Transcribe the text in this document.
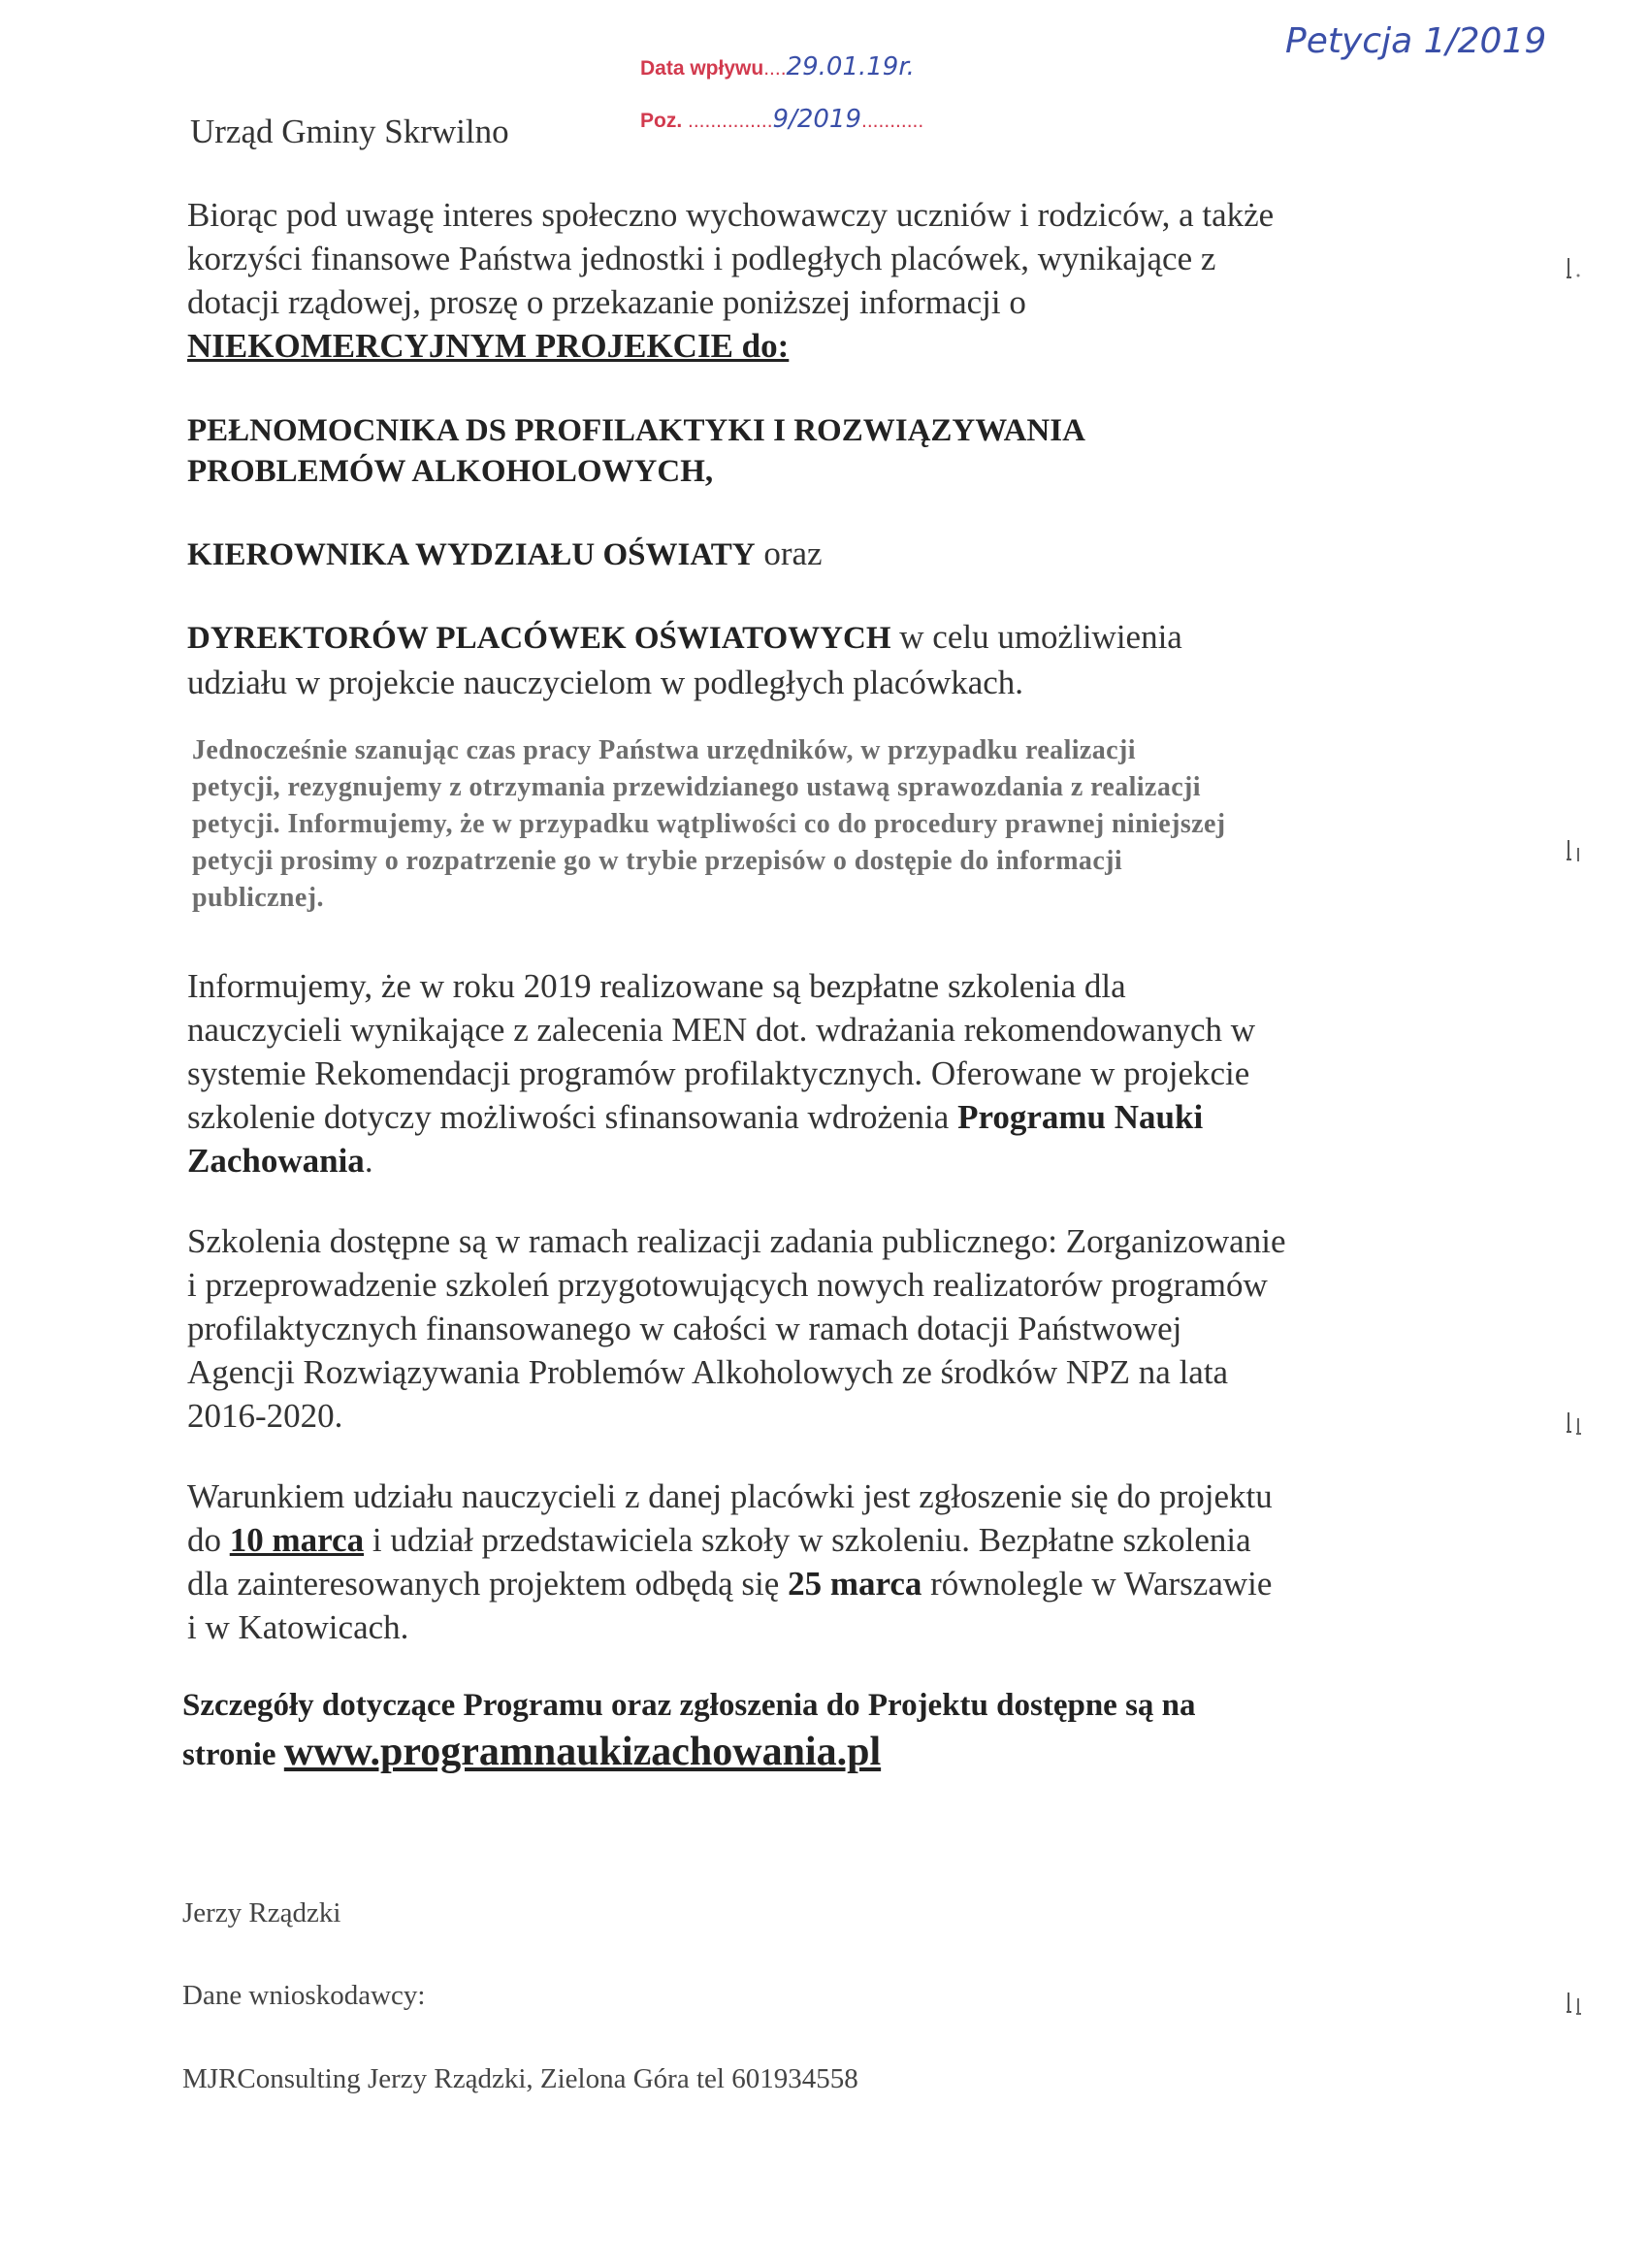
Data wpływu....29.01.19r.
Poz. ...............9/2019...........
Petycja 1/2019
Urząd Gminy Skrwilno
Biorąc pod uwagę interes społeczno wychowawczy uczniów i rodziców, a także
korzyści finansowe Państwa jednostki i podległych placówek, wynikające z
dotacji rządowej, proszę o przekazanie poniższej informacji o
NIEKOMERCYJNYM PROJEKCIE do:
PEŁNOMOCNIKA DS PROFILAKTYKI I ROZWIĄZYWANIA
PROBLEMÓW ALKOHOLOWYCH,
KIEROWNIKA WYDZIAŁU OŚWIATY oraz
DYREKTORÓW PLACÓWEK OŚWIATOWYCH w celu umożliwienia
udziału w projekcie nauczycielom w podległych placówkach.
Jednocześnie szanując czas pracy Państwa urzędników, w przypadku realizacji
petycji, rezygnujemy z otrzymania przewidzianego ustawą sprawozdania z realizacji
petycji. Informujemy, że w przypadku wątpliwości co do procedury prawnej niniejszej
petycji prosimy o rozpatrzenie go w trybie przepisów o dostępie do informacji
publicznej.
Informujemy, że w roku 2019 realizowane są bezpłatne szkolenia dla
nauczycieli wynikające z zalecenia MEN dot. wdrażania rekomendowanych w
systemie Rekomendacji programów profilaktycznych. Oferowane w projekcie
szkolenie dotyczy możliwości sfinansowania wdrożenia Programu Nauki
Zachowania.
Szkolenia dostępne są w ramach realizacji zadania publicznego: Zorganizowanie
i przeprowadzenie szkoleń przygotowujących nowych realizatorów programów
profilaktycznych finansowanego w całości w ramach dotacji Państwowej
Agencji Rozwiązywania Problemów Alkoholowych ze środków NPZ na lata
2016-2020.
Warunkiem udziału nauczycieli z danej placówki jest zgłoszenie się do projektu
do 10 marca i udział przedstawiciela szkoły w szkoleniu. Bezpłatne szkolenia
dla zainteresowanych projektem odbędą się 25 marca równolegle w Warszawie
i w Katowicach.
Szczegóły dotyczące Programu oraz zgłoszenia do Projektu dostępne są na
stronie www.programnaukizachowania.pl
Jerzy Rządzki
Dane wnioskodawcy:
MJRConsulting Jerzy Rządzki, Zielona Góra tel 601934558
